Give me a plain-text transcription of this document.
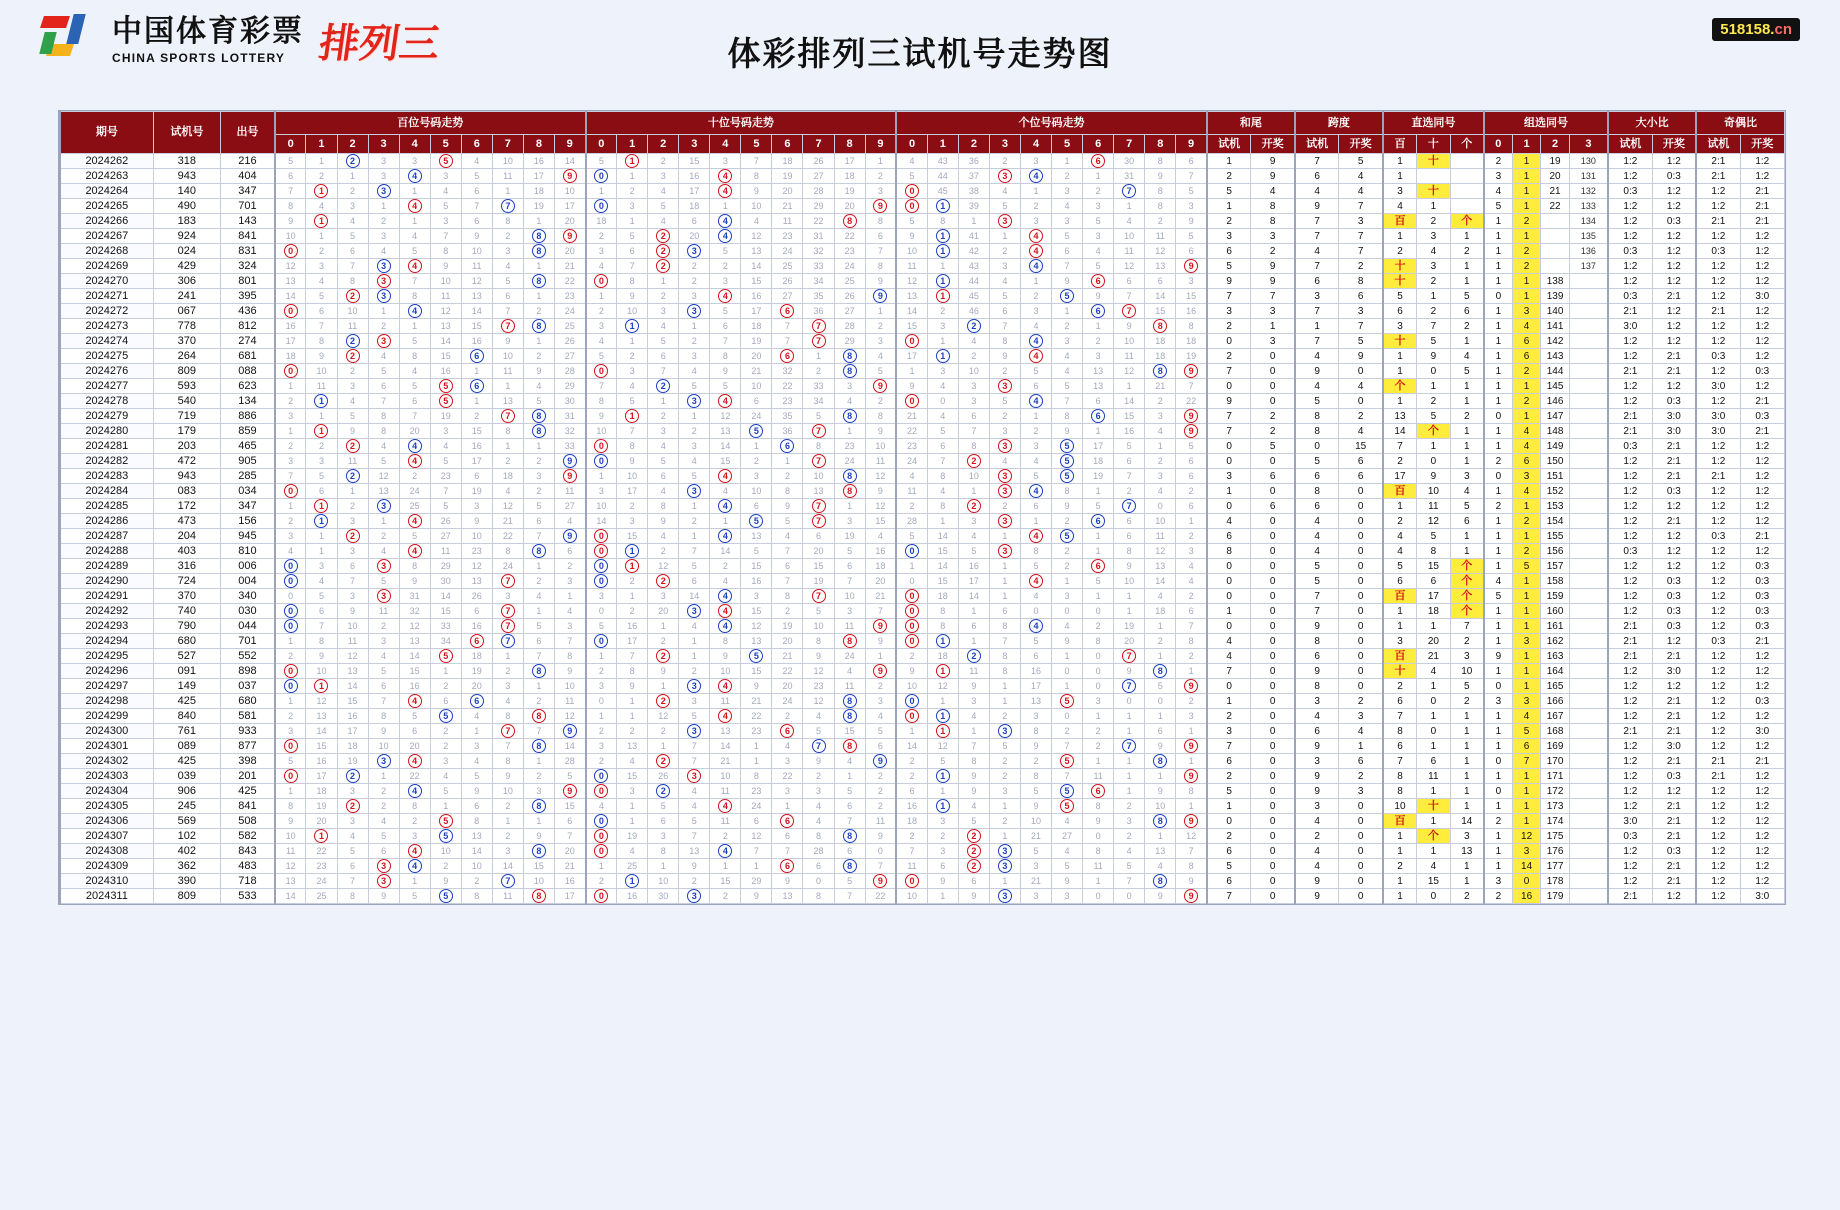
中国体育彩票
CHINA SPORTS LOTTERY 排列三	体彩排列三试机号走势图
518158.cn
期号	试机号	出号	百位号码走势										十位号码走势										个位号码走势										和尾		跨度		直选同号			组选同号				大小比		奇偶比	
			0	1	2	3	4	5	6	7	8	9	0	1	2	3	4	5	6	7	8	9	0	1	2	3	4	5	6	7	8	9	试机	开奖	试机	开奖	百	十	个	0	1	2	3	试机	开奖	试机	开奖
2024262	318	216	5	1	2	3	3	5	4	10	16	14	5	1	2	15	3	7	18	26	17	1	4	43	36	2	3	1	6	30	8	6	1	9	7	5	1	十		2	1	19	130	1:2	1:2	2:1	1:2
2024263	943	404	6	2	1	3	4	3	5	11	17	9	0	1	3	16	4	8	19	27	18	2	5	44	37	3	4	2	1	31	9	7	2	9	6	4	1			3	1	20	131	1:2	0:3	2:1	1:2
2024264	140	347	7	1	2	3	1	4	6	1	18	10	1	2	4	17	4	9	20	28	19	3	0	45	38	4	1	3	2	7	8	5	5	4	4	4	3	十		4	1	21	132	0:3	1:2	1:2	2:1
2024265	490	701	8	4	3	1	4	5	7	7	19	17	0	3	5	18	1	10	21	29	20	9	0	1	39	5	2	4	3	1	8	3	1	8	9	7	4	1		5	1	22	133	1:2	1:2	1:2	2:1
2024266	183	143	9	1	4	2	1	3	6	8	1	20	18	1	4	6	4	4	11	22	8	8	5	8	1	3	3	3	5	4	2	9	2	8	7	3	百	2	个	1	2		134	1:2	0:3	2:1	2:1
2024267	924	841	10	1	5	3	4	7	9	2	8	9	2	5	2	20	4	12	23	31	22	6	9	1	41	1	4	5	3	10	11	5	3	3	7	7	1	3	1	1	1		135	1:2	1:2	1:2	1:2
2024268	024	831	0	2	6	4	5	8	10	3	8	20	3	6	2	3	5	13	24	32	23	7	10	1	42	2	4	6	4	11	12	6	6	2	4	7	2	4	2	1	2		136	0:3	1:2	0:3	1:2
2024269	429	324	12	3	7	3	4	9	11	4	1	21	4	7	2	2	2	14	25	33	24	8	11	1	43	3	4	7	5	12	13	9	5	9	7	2	十	3	1	1	2		137	1:2	1:2	1:2	1:2
2024270	306	801	13	4	8	3	7	10	12	5	8	22	0	8	1	2	3	15	26	34	25	9	12	1	44	4	1	9	6	6	6	3	9	9	6	8	十	2	1	1	1	138		1:2	1:2	1:2	1:2
2024271	241	395	14	5	2	3	8	11	13	6	1	23	1	9	2	3	4	16	27	35	26	9	13	1	45	5	2	5	9	7	14	15	7	7	3	6	5	1	5	0	1	139		0:3	2:1	1:2	3:0
2024272	067	436	0	6	10	1	4	12	14	7	2	24	2	10	3	3	5	17	6	36	27	1	14	2	46	6	3	1	6	7	15	16	3	3	7	3	6	2	6	1	3	140		2:1	1:2	2:1	1:2
2024273	778	812	16	7	11	2	1	13	15	7	8	25	3	1	4	1	6	18	7	7	28	2	15	3	2	7	4	2	1	9	8	8	2	1	1	7	3	7	2	1	4	141		3:0	1:2	1:2	1:2
2024274	370	274	17	8	2	3	5	14	16	9	1	26	4	1	5	2	7	19	7	7	29	3	0	1	4	8	4	3	2	10	18	18	0	3	7	5	十	5	1	1	6	142		1:2	1:2	1:2	1:2
2024275	264	681	18	9	2	4	8	15	6	10	2	27	5	2	6	3	8	20	6	1	8	4	17	1	2	9	4	4	3	11	18	19	2	0	4	9	1	9	4	1	6	143		1:2	2:1	0:3	1:2
2024276	809	088	0	10	2	5	4	16	1	11	9	28	0	3	7	4	9	21	32	2	8	5	1	3	10	2	5	4	13	12	8	9	7	0	9	0	1	0	5	1	2	144		2:1	2:1	1:2	0:3
2024277	593	623	1	11	3	6	5	5	6	1	4	29	7	4	2	5	5	10	22	33	3	9	9	4	3	3	6	5	13	1	21	7	0	0	4	4	个	1	1	1	1	145		1:2	1:2	3:0	1:2
2024278	540	134	2	1	4	7	6	5	1	13	5	30	8	5	1	3	4	6	23	34	4	2	0	0	3	5	4	7	6	14	2	22	9	0	5	0	1	2	1	1	2	146		1:2	0:3	1:2	2:1
2024279	719	886	3	1	5	8	7	19	2	7	8	31	9	1	2	1	12	24	35	5	8	8	21	4	6	2	1	8	6	15	3	9	7	2	8	2	13	5	2	0	1	147		2:1	3:0	3:0	0:3
2024280	179	859	1	1	9	8	20	3	15	8	8	32	10	7	3	2	13	5	36	7	1	9	22	5	7	3	2	9	1	16	4	9	7	2	8	4	14	个	1	1	4	148		2:1	3:0	3:0	2:1
2024281	203	465	2	2	2	4	4	4	16	1	1	33	0	8	4	3	14	1	6	8	23	10	23	6	8	3	3	5	17	5	1	5	0	5	0	15	7	1	1	1	4	149		0:3	2:1	1:2	1:2
2024282	472	905	3	3	11	5	4	5	17	2	2	9	0	9	5	4	15	2	1	7	24	11	24	7	2	4	4	5	18	6	2	6	0	0	5	6	2	0	1	2	6	150		1:2	2:1	1:2	1:2
2024283	943	285	7	5	2	12	2	23	6	18	3	9	1	10	6	5	4	3	2	10	8	12	4	8	10	3	5	5	19	7	3	6	3	6	6	6	17	9	3	0	3	151		1:2	2:1	2:1	1:2
2024284	083	034	0	6	1	13	24	7	19	4	2	11	3	17	4	3	4	10	8	13	8	9	11	4	1	3	4	8	1	2	4	2	1	0	8	0	百	10	4	1	4	152		1:2	0:3	1:2	1:2
2024285	172	347	1	1	2	3	25	5	3	12	5	27	10	2	8	1	4	6	9	7	1	12	2	8	2	2	6	9	5	7	0	6	0	6	6	0	1	11	5	2	1	153		1:2	1:2	1:2	1:2
2024286	473	156	2	1	3	1	4	26	9	21	6	4	14	3	9	2	1	5	5	7	3	15	28	1	3	3	1	2	6	6	10	1	4	0	4	0	2	12	6	1	2	154		1:2	2:1	1:2	1:2
2024287	204	945	3	1	2	2	5	27	10	22	7	9	0	15	4	1	4	13	4	6	19	4	5	14	4	1	4	5	1	6	11	2	6	0	4	0	4	5	1	1	1	155		1:2	1:2	0:3	2:1
2024288	403	810	4	1	3	4	4	11	23	8	8	6	0	1	2	7	14	5	7	20	5	16	0	15	5	3	8	2	1	8	12	3	8	0	4	0	4	8	1	1	2	156		0:3	1:2	1:2	1:2
2024289	316	006	0	3	6	3	8	29	12	24	1	2	0	1	12	5	2	15	6	15	6	18	1	14	16	1	5	2	6	9	13	4	0	0	5	0	5	15	个	1	5	157		1:2	1:2	1:2	0:3
2024290	724	004	0	4	7	5	9	30	13	7	2	3	0	2	2	6	4	16	7	19	7	20	0	15	17	1	4	1	5	10	14	4	0	0	5	0	6	6	个	4	1	158		1:2	0:3	1:2	0:3
2024291	370	340	0	5	3	3	31	14	26	3	4	1	3	1	3	14	4	3	8	7	10	21	0	18	14	1	4	3	1	1	4	2	0	0	7	0	百	17	个	5	1	159		1:2	0:3	1:2	0:3
2024292	740	030	0	6	9	11	32	15	6	7	1	4	0	2	20	3	4	15	2	5	3	7	0	8	1	6	0	0	0	1	18	6	1	0	7	0	1	18	个	1	1	160		1:2	0:3	1:2	0:3
2024293	790	044	0	7	10	2	12	33	16	7	5	3	5	16	1	4	4	12	19	10	11	9	0	8	6	8	4	4	2	19	1	7	0	0	9	0	1	1	7	1	1	161		2:1	0:3	1:2	0:3
2024294	680	701	1	8	11	3	13	34	6	7	6	7	0	17	2	1	8	13	20	8	8	9	0	1	1	7	5	9	8	20	2	8	4	0	8	0	3	20	2	1	3	162		2:1	1:2	0:3	2:1
2024295	527	552	2	9	12	4	14	5	18	1	7	8	1	7	2	1	9	5	21	9	24	1	2	18	2	8	6	1	0	7	1	2	4	0	6	0	百	21	3	9	1	163		2:1	2:1	1:2	1:2
2024296	091	898	0	10	13	5	15	1	19	2	8	9	2	8	9	2	10	15	22	12	4	9	9	1	11	8	16	0	0	9	8	1	7	0	9	0	十	4	10	1	1	164		1:2	3:0	1:2	1:2
2024297	149	037	0	1	14	6	16	2	20	3	1	10	3	9	1	3	4	9	20	23	11	2	10	12	9	1	17	1	0	7	5	9	0	0	8	0	2	1	5	0	1	165		1:2	1:2	1:2	1:2
2024298	425	680	1	12	15	7	4	6	6	4	2	11	0	1	2	3	11	21	24	12	8	3	0	1	3	1	13	5	3	0	0	2	1	0	3	2	6	0	2	3	3	166		1:2	2:1	1:2	0:3
2024299	840	581	2	13	16	8	5	5	4	8	8	12	1	1	12	5	4	22	2	4	8	4	0	1	4	2	3	0	1	1	1	3	2	0	4	3	7	1	1	1	4	167		1:2	2:1	1:2	1:2
2024300	761	933	3	14	17	9	6	2	1	7	7	9	2	2	2	3	13	23	6	5	15	5	1	1	1	3	8	2	2	1	6	1	3	0	6	4	8	0	1	1	5	168		2:1	2:1	1:2	3:0
2024301	089	877	0	15	18	10	20	2	3	7	8	14	3	13	1	7	14	1	4	7	8	6	14	12	7	5	9	7	2	7	9	9	7	0	9	1	6	1	1	1	6	169		1:2	3:0	1:2	1:2
2024302	425	398	5	16	19	3	4	3	4	8	1	28	2	4	2	7	21	1	3	9	4	9	2	5	8	2	2	5	1	1	8	1	6	0	3	6	7	6	1	0	7	170		1:2	2:1	2:1	2:1
2024303	039	201	0	17	2	1	22	4	5	9	2	5	0	15	26	3	10	8	22	2	1	2	2	1	9	2	8	7	11	1	1	9	2	0	9	2	8	11	1	1	1	171		1:2	0:3	2:1	1:2
2024304	906	425	1	18	3	2	4	5	9	10	3	9	0	3	2	4	11	23	3	3	5	2	6	1	9	3	5	5	6	1	9	8	5	0	9	3	8	1	1	0	1	172		1:2	1:2	1:2	1:2
2024305	245	841	8	19	2	2	8	1	6	2	8	15	4	1	5	4	4	24	1	4	6	2	16	1	4	1	9	5	8	2	10	1	1	0	3	0	10	十	1	1	1	173		1:2	2:1	1:2	1:2
2024306	569	508	9	20	3	4	2	5	8	1	1	6	0	1	6	5	11	6	6	4	7	11	18	3	5	2	10	4	9	3	8	9	0	0	4	0	百	1	14	2	1	174		3:0	2:1	1:2	1:2
2024307	102	582	10	1	4	5	3	5	13	2	9	7	0	19	3	7	2	12	6	8	8	9	2	2	2	1	21	27	0	2	1	12	2	0	2	0	1	个	3	1	12	175		0:3	2:1	1:2	1:2
2024308	402	843	11	22	5	6	4	10	14	3	8	20	0	4	8	13	4	7	7	28	6	0	7	3	2	3	5	4	8	4	13	7	6	0	4	0	1	1	13	1	3	176		1:2	0:3	1:2	1:2
2024309	362	483	12	23	6	3	4	2	10	14	15	21	1	25	1	9	1	1	6	6	8	7	11	6	2	3	3	5	11	5	4	8	5	0	4	0	2	4	1	1	14	177		1:2	2:1	1:2	1:2
2024310	390	718	13	24	7	3	1	9	2	7	10	16	2	1	10	2	15	29	9	0	5	9	0	9	6	1	21	9	1	7	8	9	6	0	9	0	1	15	1	3	0	178		1:2	2:1	1:2	1:2
2024311	809	533	14	25	8	9	5	5	8	11	8	17	0	16	30	3	2	9	13	8	7	22	10	1	9	3	3	3	0	0	9	9	7	0	9	0	1	0	2	2	16	179		2:1	1:2	1:2	3:0
